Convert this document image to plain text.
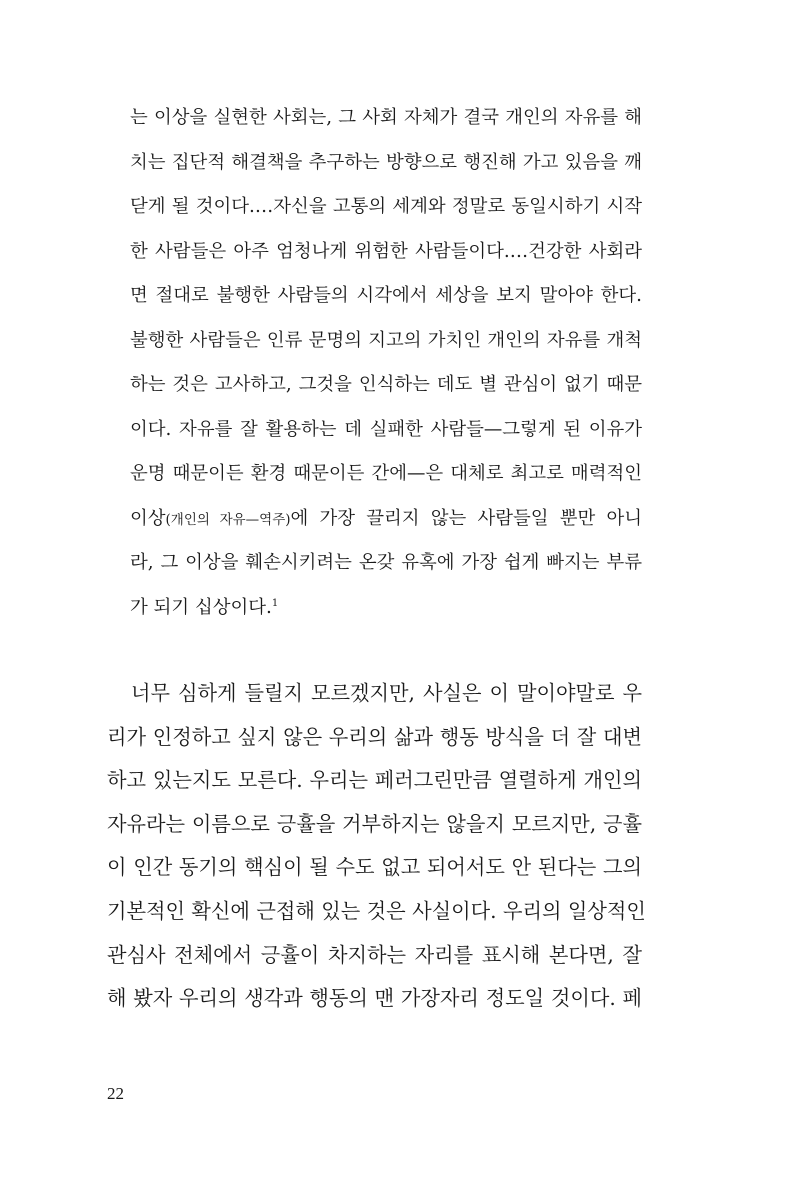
는 이상을 실현한 사회는, 그 사회 자체가 결국 개인의 자유를 해
치는 집단적 해결책을 추구하는 방향으로 행진해 가고 있음을 깨
닫게 될 것이다.…자신을 고통의 세계와 정말로 동일시하기 시작
한 사람들은 아주 엄청나게 위험한 사람들이다.…건강한 사회라
면 절대로 불행한 사람들의 시각에서 세상을 보지 말아야 한다.
불행한 사람들은 인류 문명의 지고의 가치인 개인의 자유를 개척
하는 것은 고사하고, 그것을 인식하는 데도 별 관심이 없기 때문
이다. 자유를 잘 활용하는 데 실패한 사람들—그렇게 된 이유가
운명 때문이든 환경 때문이든 간에—은 대체로 최고로 매력적인
이상(개인의 자유—역주)에 가장 끌리지 않는 사람들일 뿐만 아니
라, 그 이상을 훼손시키려는 온갖 유혹에 가장 쉽게 빠지는 부류
가 되기 십상이다.$^1$
너무 심하게 들릴지 모르겠지만, 사실은 이 말이야말로 우
리가 인정하고 싶지 않은 우리의 삶과 행동 방식을 더 잘 대변
하고 있는지도 모른다. 우리는 페러그린만큼 열렬하게 개인의
자유라는 이름으로 긍휼을 거부하지는 않을지 모르지만, 긍휼
이 인간 동기의 핵심이 될 수도 없고 되어서도 안 된다는 그의
기본적인 확신에 근접해 있는 것은 사실이다. 우리의 일상적인
관심사 전체에서 긍휼이 차지하는 자리를 표시해 본다면, 잘
해 봤자 우리의 생각과 행동의 맨 가장자리 정도일 것이다. 페
22
